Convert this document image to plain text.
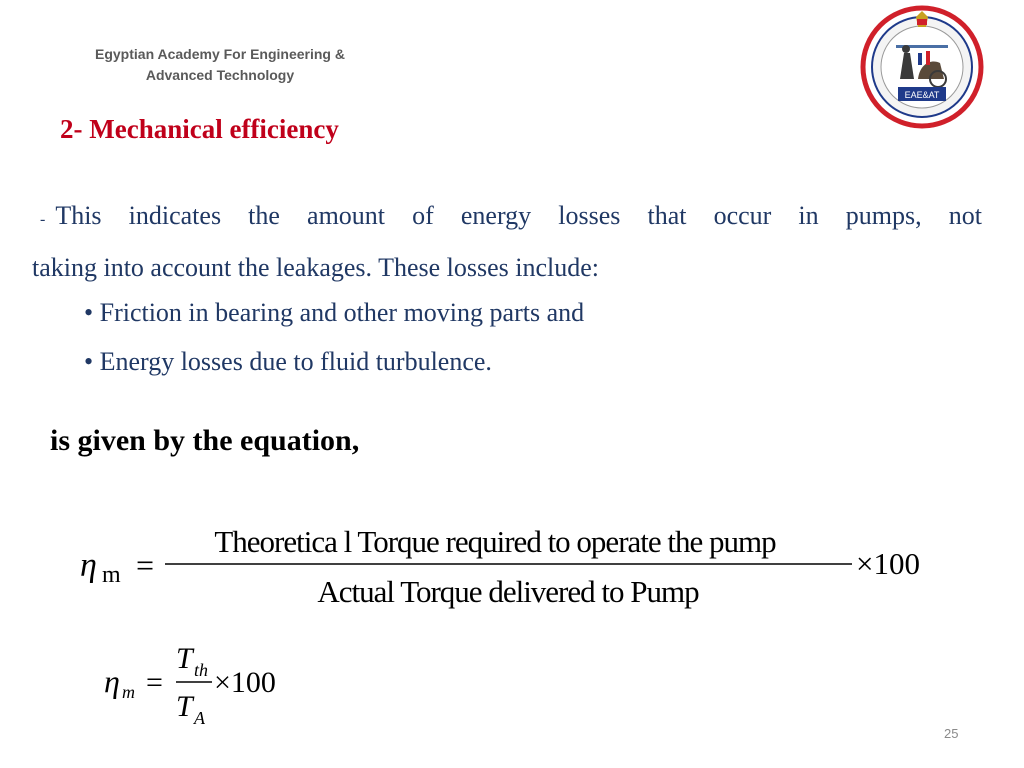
Egyptian Academy For Engineering &
Advanced Technology
EAE&AT
2- Mechanical efficiency
- This indicates the amount of energy losses that occur in pumps, not
taking into account the leakages. These losses include:
• Friction in bearing and other moving parts and
• Energy losses due to fluid turbulence.
is given by the equation,
η m =
Theoretica l Torque required to operate the pump
Actual Torque delivered to Pump
×100
η m =
T th
T A
×100
25
